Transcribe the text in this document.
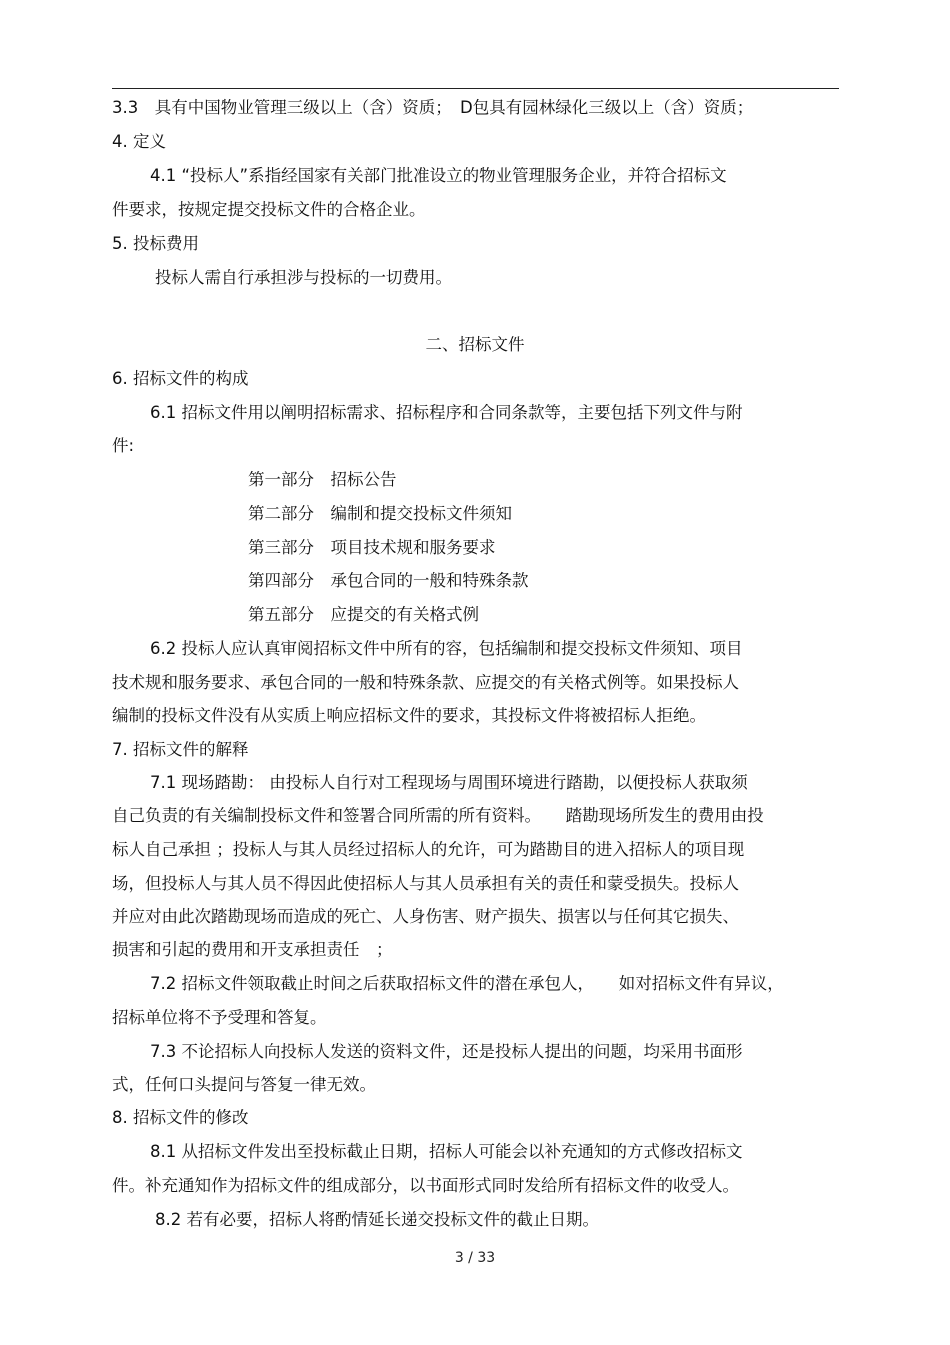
3.3　具有中国物业管理三级以上（含）资质；　D包具有园林绿化三级以上（含）资质；
4. 定义
4.1 “投标人”系指经国家有关部门批准设立的物业管理服务企业，并符合招标文
件要求，按规定提交投标文件的合格企业。
5. 投标费用
投标人需自行承担涉与投标的一切费用。
二、招标文件
6. 招标文件的构成
6.1 招标文件用以阐明招标需求、招标程序和合同条款等，主要包括下列文件与附
件:
第一部分　招标公告
第二部分　编制和提交投标文件须知
第三部分　项目技术规和服务要求
第四部分　承包合同的一般和特殊条款
第五部分　应提交的有关格式例
6.2 投标人应认真审阅招标文件中所有的容，包括编制和提交投标文件须知、项目
技术规和服务要求、承包合同的一般和特殊条款、应提交的有关格式例等。如果投标人
编制的投标文件没有从实质上响应招标文件的要求，其投标文件将被招标人拒绝。
7. 招标文件的解释
7.1 现场踏勘： 由投标人自行对工程现场与周围环境进行踏勘，以便投标人获取须
自己负责的有关编制投标文件和签署合同所需的所有资料。　　踏勘现场所发生的费用由投
标人自己承担 ；投标人与其人员经过招标人的允许，可为踏勘目的进入招标人的项目现
场，但投标人与其人员不得因此使招标人与其人员承担有关的责任和蒙受损失。投标人
并应对由此次踏勘现场而造成的死亡、人身伤害、财产损失、损害以与任何其它损失、
损害和引起的费用和开支承担责任　；
7.2 招标文件领取截止时间之后获取招标文件的潜在承包人，　　如对招标文件有异议，
招标单位将不予受理和答复。
7.3 不论招标人向投标人发送的资料文件，还是投标人提出的问题，均采用书面形
式，任何口头提问与答复一律无效。
8. 招标文件的修改
8.1 从招标文件发出至投标截止日期，招标人可能会以补充通知的方式修改招标文
件。补充通知作为招标文件的组成部分，以书面形式同时发给所有招标文件的收受人。
8.2 若有必要，招标人将酌情延长递交投标文件的截止日期。
3 / 33
